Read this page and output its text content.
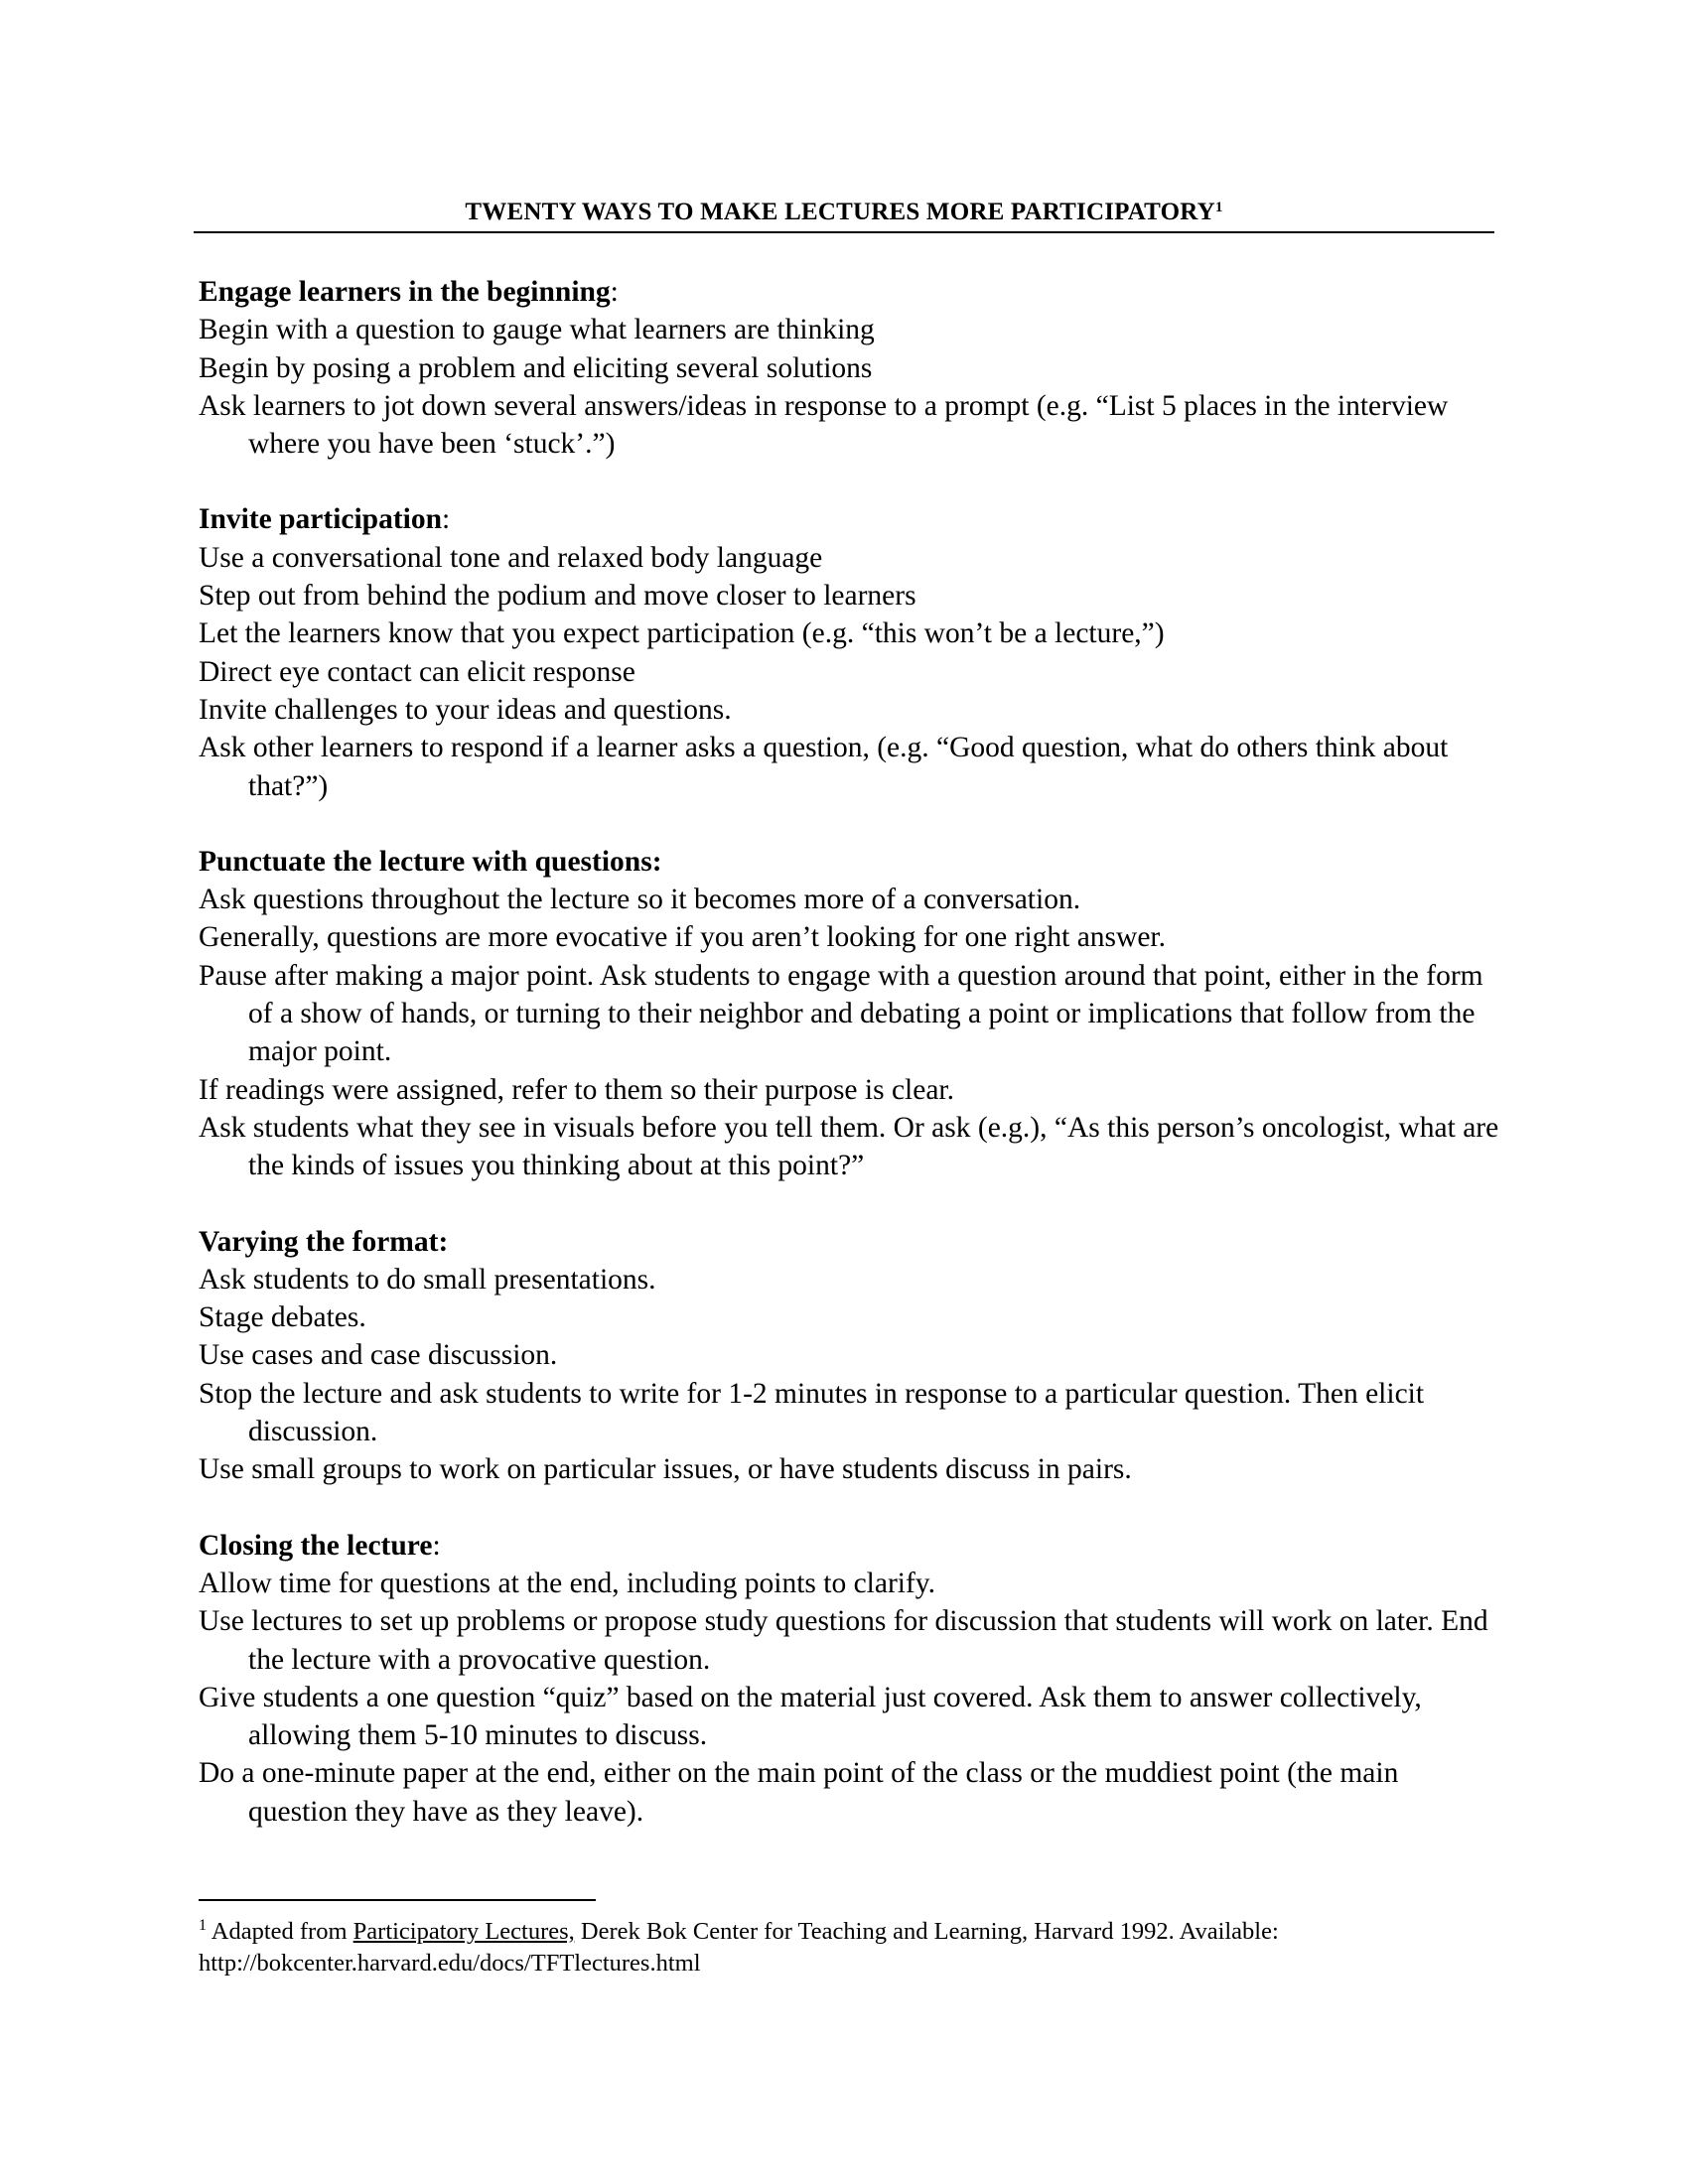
TWENTY WAYS TO MAKE LECTURES MORE PARTICIPATORY$^1$

Engage learners in the beginning:

Begin with a question to gauge what learners are thinking

Begin by posing a problem and eliciting several solutions

Ask learners to jot down several answers/ideas in response to a prompt (e.g. “List 5 places in the interview where you have been ‘stuck’.”)

Invite participation:

Use a conversational tone and relaxed body language

Step out from behind the podium and move closer to learners

Let the learners know that you expect participation (e.g. “this won’t be a lecture,”)

Direct eye contact can elicit response

Invite challenges to your ideas and questions.

Ask other learners to respond if a learner asks a question, (e.g. “Good question, what do others think about that?”)

Punctuate the lecture with questions:

Ask questions throughout the lecture so it becomes more of a conversation.

Generally, questions are more evocative if you aren’t looking for one right answer.

Pause after making a major point. Ask students to engage with a question around that point, either in the form of a show of hands, or turning to their neighbor and debating a point or implications that follow from the major point.

If readings were assigned, refer to them so their purpose is clear.

Ask students what they see in visuals before you tell them. Or ask (e.g.), “As this person’s oncologist, what are the kinds of issues you thinking about at this point?”

Varying the format:

Ask students to do small presentations.

Stage debates.

Use cases and case discussion.

Stop the lecture and ask students to write for 1-2 minutes in response to a particular question. Then elicit discussion.

Use small groups to work on particular issues, or have students discuss in pairs.

Closing the lecture:

Allow time for questions at the end, including points to clarify.

Use lectures to set up problems or propose study questions for discussion that students will work on later. End the lecture with a provocative question.

Give students a one question “quiz” based on the material just covered. Ask them to answer collectively, allowing them 5-10 minutes to discuss.

Do a one-minute paper at the end, either on the main point of the class or the muddiest point (the main question they have as they leave).

$^1$ Adapted from Participatory Lectures, Derek Bok Center for Teaching and Learning, Harvard 1992. Available:
http://bokcenter.harvard.edu/docs/TFTlectures.html
